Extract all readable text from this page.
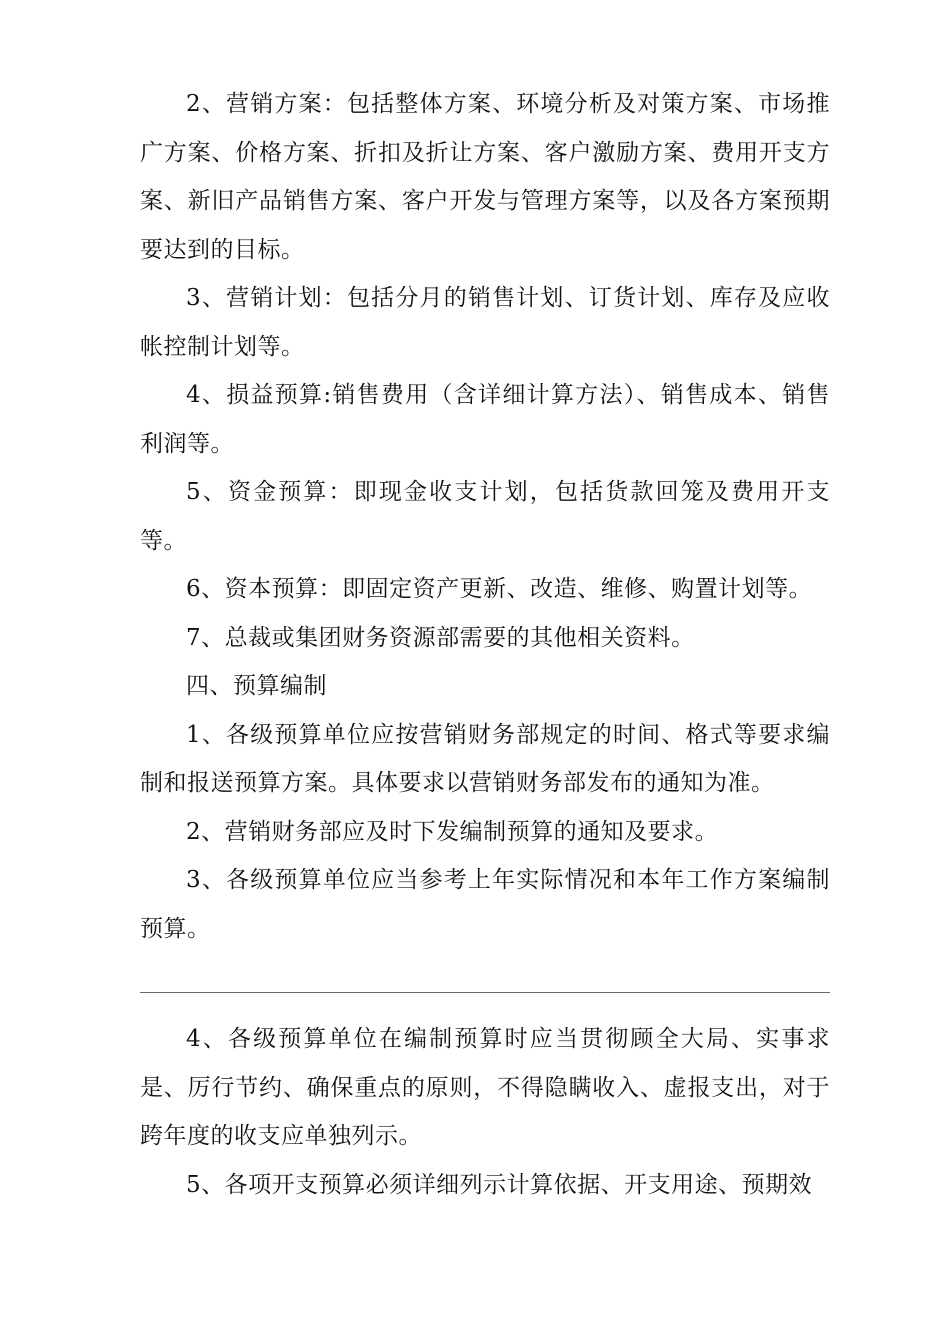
2、营销方案：包括整体方案、环境分析及对策方案、市场推广方案、价格方案、折扣及折让方案、客户激励方案、费用开支方案、新旧产品销售方案、客户开发与管理方案等，以及各方案预期要达到的目标。

3、营销计划：包括分月的销售计划、订货计划、库存及应收帐控制计划等。

4、损益预算:销售费用（含详细计算方法）、销售成本、销售利润等。

5、资金预算：即现金收支计划，包括货款回笼及费用开支等。

6、资本预算：即固定资产更新、改造、维修、购置计划等。

7、总裁或集团财务资源部需要的其他相关资料。

四、预算编制

1、各级预算单位应按营销财务部规定的时间、格式等要求编制和报送预算方案。具体要求以营销财务部发布的通知为准。

2、营销财务部应及时下发编制预算的通知及要求。

3、各级预算单位应当参考上年实际情况和本年工作方案编制预算。

4、各级预算单位在编制预算时应当贯彻顾全大局、实事求是、厉行节约、确保重点的原则，不得隐瞒收入、虚报支出，对于跨年度的收支应单独列示。

5、各项开支预算必须详细列示计算依据、开支用途、预期效
